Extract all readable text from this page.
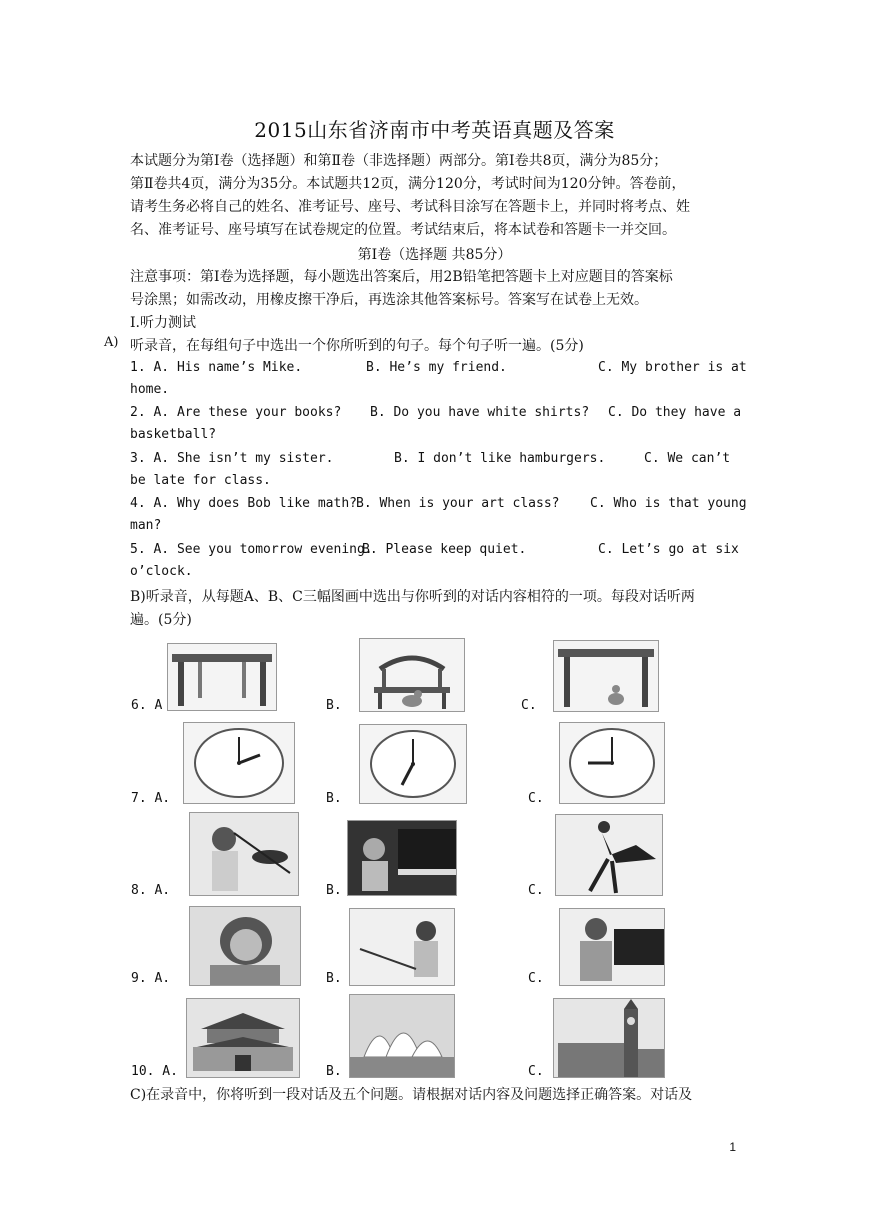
2015山东省济南市中考英语真题及答案
本试题分为第Ⅰ卷（选择题）和第Ⅱ卷（非选择题）两部分。第Ⅰ卷共8页，满分为85分；
第Ⅱ卷共4页，满分为35分。本试题共12页，满分120分，考试时间为120分钟。答卷前，
请考生务必将自己的姓名、准考证号、座号、考试科目涂写在答题卡上，并同时将考点、姓
名、准考证号、座号填写在试卷规定的位置。考试结束后，将本试卷和答题卡一并交回。
第Ⅰ卷（选择题 共85分）
注意事项：第Ⅰ卷为选择题，每小题选出答案后，用2B铅笔把答题卡上对应题目的答案标
号涂黑；如需改动，用橡皮擦干净后，再选涂其他答案标号。答案写在试卷上无效。
Ⅰ.听力测试
A) 听录音，在每组句子中选出一个你所听到的句子。每个句子听一遍。(5分)
1. A. His name’s Mike.	B. He’s my friend.	C. My brother is at
home.
2. A. Are these your books? B. Do you have white shirts? C. Do they have a
basketball?
3. A. She isn’t my sister.	B. I don’t like hamburgers.	C. We can’t
be late for class.
4. A. Why does Bob like math? B. When is your art class? C. Who is that young
man?
5. A. See you tomorrow evening.
B. Please keep quiet.	C. Let’s go at six
o’clock.
B)听录音，从每题A、B、C三幅图画中选出与你听到的对话内容相符的一项。每段对话听两
遍。(5分)
6. A	B.	C.
7. A.	B.	C.
8. A.	B.	C.
9. A.	B.	C.
10. A.	B.	C.
C)在录音中，你将听到一段对话及五个问题。请根据对话内容及问题选择正确答案。对话及
1
